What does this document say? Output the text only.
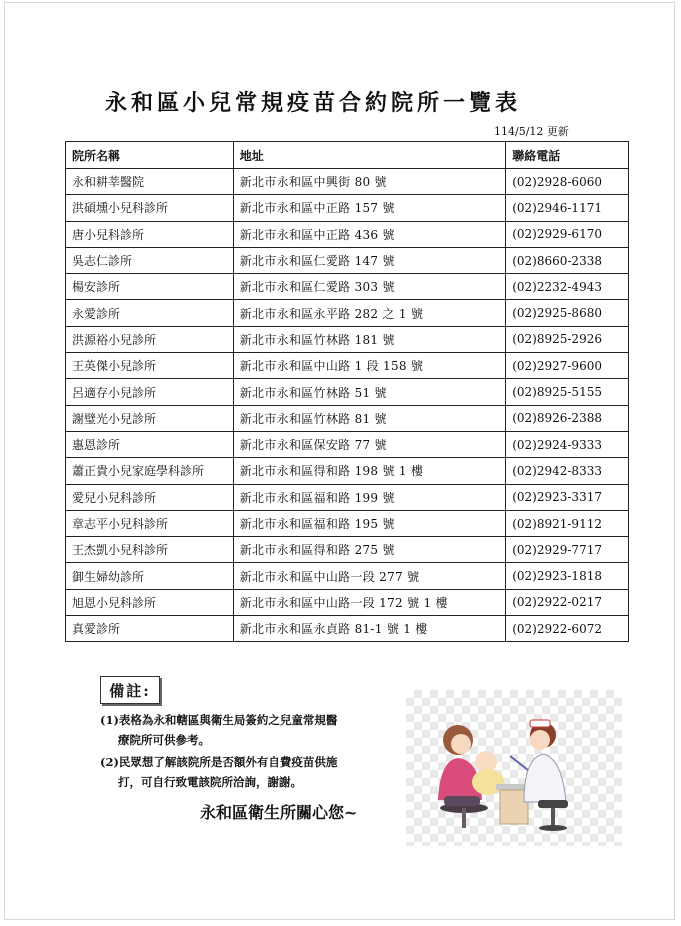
永和區小兒常規疫苗合約院所一覽表
114/5/12 更新
院所名稱	地址	聯絡電話
永和耕莘醫院	新北市永和區中興街 80 號	(02)2928-6060
洪碩壎小兒科診所	新北市永和區中正路 157 號	(02)2946-1171
唐小兒科診所	新北市永和區中正路 436 號	(02)2929-6170
吳志仁診所	新北市永和區仁愛路 147 號	(02)8660-2338
楊安診所	新北市永和區仁愛路 303 號	(02)2232-4943
永愛診所	新北市永和區永平路 282 之 1 號	(02)2925-8680
洪源裕小兒診所	新北市永和區竹林路 181 號	(02)8925-2926
王英傑小兒診所	新北市永和區中山路 1 段 158 號	(02)2927-9600
呂適存小兒診所	新北市永和區竹林路 51 號	(02)8925-5155
謝璧光小兒診所	新北市永和區竹林路 81 號	(02)8926-2388
惠恩診所	新北市永和區保安路 77 號	(02)2924-9333
蕭正貴小兒家庭學科診所	新北市永和區得和路 198 號 1 樓	(02)2942-8333
愛兒小兒科診所	新北市永和區福和路 199 號	(02)2923-3317
章志平小兒科診所	新北市永和區福和路 195 號	(02)8921-9112
王杰凱小兒科診所	新北市永和區得和路 275 號	(02)2929-7717
御生婦幼診所	新北市永和區中山路一段 277 號	(02)2923-1818
旭恩小兒科診所	新北市永和區中山路一段 172 號 1 樓	(02)2922-0217
真愛診所	新北市永和區永貞路 81-1 號 1 樓	(02)2922-6072
備註:
(1)表格為永和轄區與衛生局簽約之兒童常規醫
療院所可供參考。
(2)民眾想了解該院所是否額外有自費疫苗供施
打，可自行致電該院所洽詢，謝謝。
永和區衛生所關心您~
